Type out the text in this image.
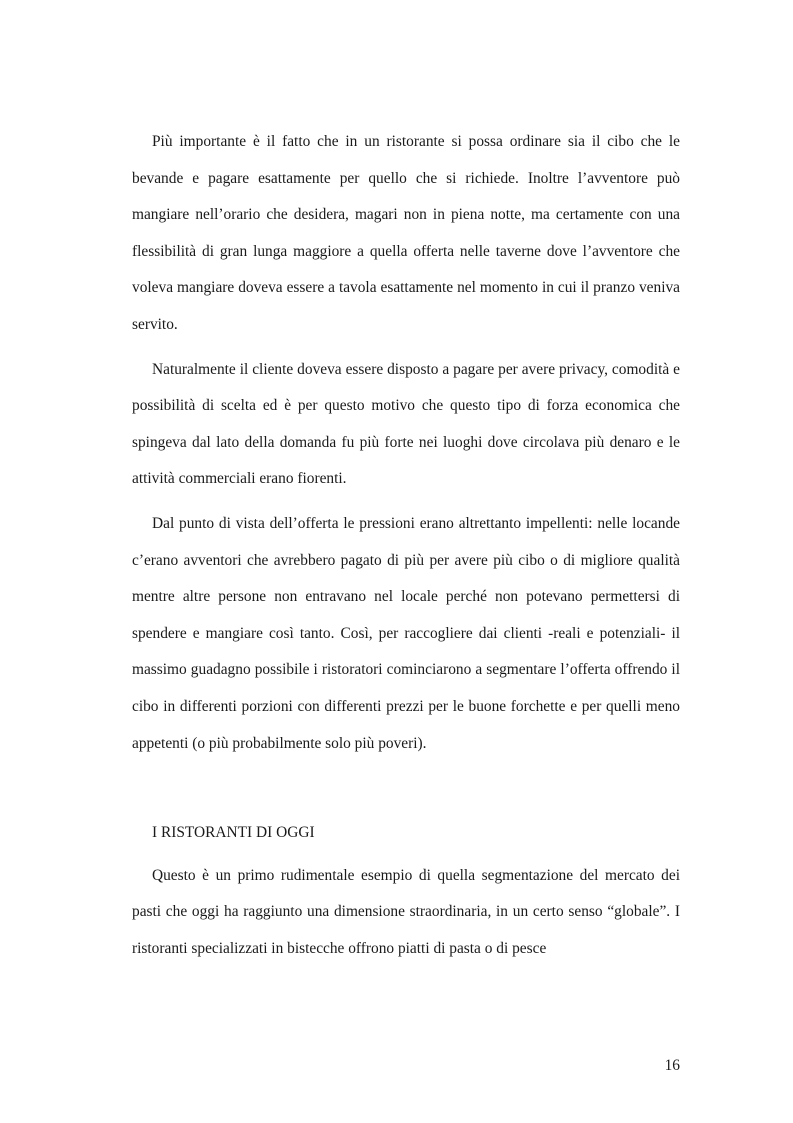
Più importante è il fatto che in un ristorante si possa ordinare sia il cibo che le bevande e pagare esattamente per quello che si richiede. Inoltre l’avventore può mangiare nell’orario che desidera, magari non in piena notte, ma certamente con una flessibilità di gran lunga maggiore a quella offerta nelle taverne dove l’avventore che voleva mangiare doveva essere a tavola esattamente nel momento in cui il pranzo veniva servito.

Naturalmente il cliente doveva essere disposto a pagare per avere privacy, comodità e possibilità di scelta ed è per questo motivo che questo tipo di forza economica che spingeva dal lato della domanda fu più forte nei luoghi dove circolava più denaro e le attività commerciali erano fiorenti.

Dal punto di vista dell’offerta le pressioni erano altrettanto impellenti: nelle locande c’erano avventori che avrebbero pagato di più per avere più cibo o di migliore qualità mentre altre persone non entravano nel locale perché non potevano permettersi di spendere e mangiare così tanto. Così, per raccogliere dai clienti -reali e potenziali- il massimo guadagno possibile i ristoratori cominciarono a segmentare l’offerta offrendo il cibo in differenti porzioni con differenti prezzi per le buone forchette e per quelli meno appetenti (o più probabilmente solo più poveri).

I RISTORANTI DI OGGI

Questo è un primo rudimentale esempio di quella segmentazione del mercato dei pasti che oggi ha raggiunto una dimensione straordinaria, in un certo senso “globale”. I ristoranti specializzati in bistecche offrono piatti di pasta o di pesce

16
